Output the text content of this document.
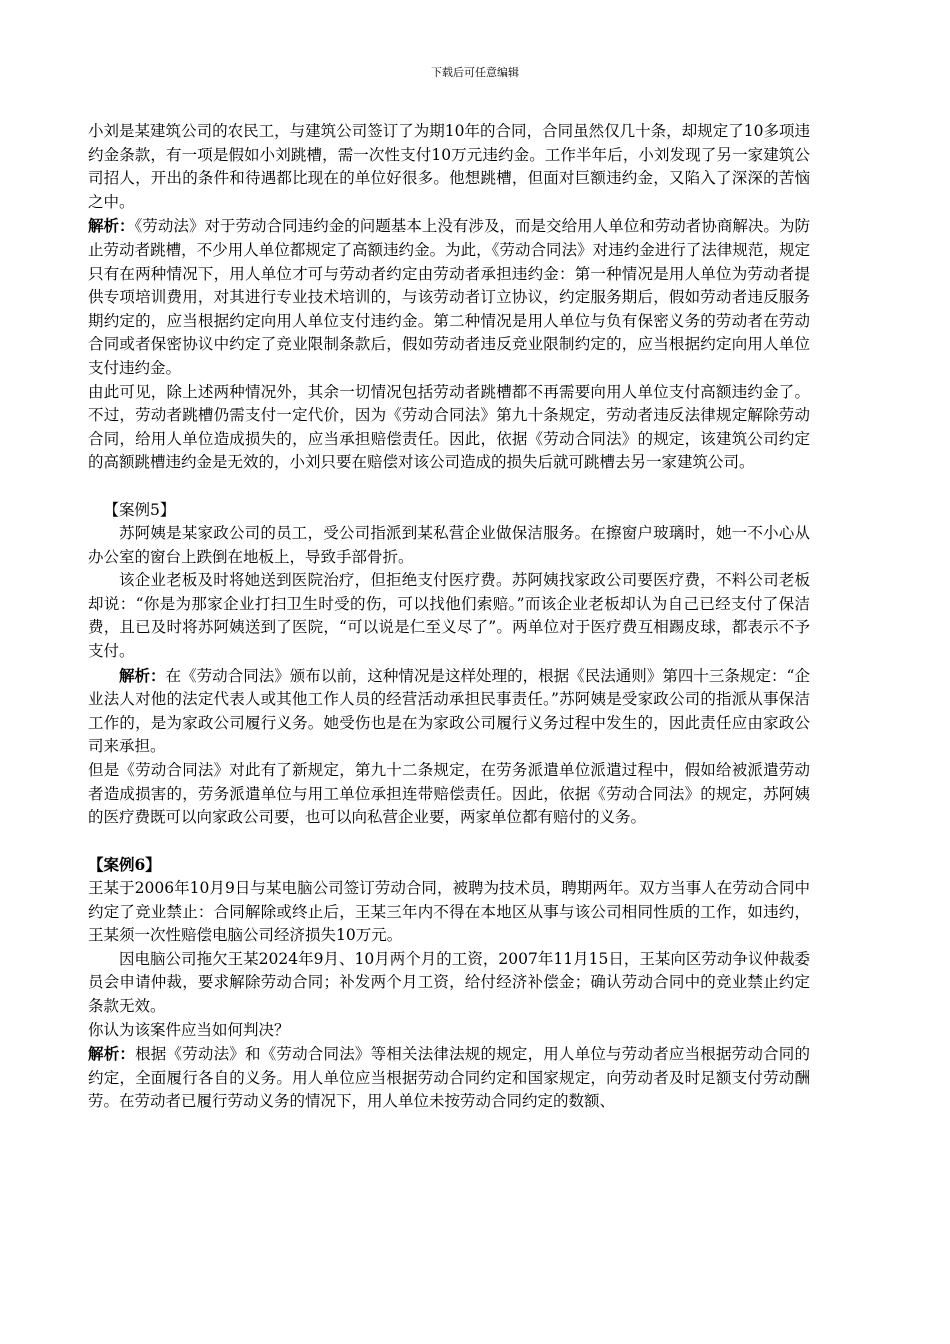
下载后可任意编辑

小刘是某建筑公司的农民工，与建筑公司签订了为期10年的合同，合同虽然仅几十条，却规定了10多项违约金条款，有一项是假如小刘跳槽，需一次性支付10万元违约金。工作半年后，小刘发现了另一家建筑公司招人，开出的条件和待遇都比现在的单位好很多。他想跳槽，但面对巨额违约金，又陷入了深深的苦恼之中。

解析：《劳动法》对于劳动合同违约金的问题基本上没有涉及，而是交给用人单位和劳动者协商解决。为防止劳动者跳槽，不少用人单位都规定了高额违约金。为此，《劳动合同法》对违约金进行了法律规范，规定只有在两种情况下，用人单位才可与劳动者约定由劳动者承担违约金：第一种情况是用人单位为劳动者提供专项培训费用，对其进行专业技术培训的，与该劳动者订立协议，约定服务期后，假如劳动者违反服务期约定的，应当根据约定向用人单位支付违约金。第二种情况是用人单位与负有保密义务的劳动者在劳动合同或者保密协议中约定了竞业限制条款后，假如劳动者违反竞业限制约定的，应当根据约定向用人单位支付违约金。

由此可见，除上述两种情况外，其余一切情况包括劳动者跳槽都不再需要向用人单位支付高额违约金了。不过，劳动者跳槽仍需支付一定代价，因为《劳动合同法》第九十条规定，劳动者违反法律规定解除劳动合同，给用人单位造成损失的，应当承担赔偿责任。因此，依据《劳动合同法》的规定，该建筑公司约定的高额跳槽违约金是无效的，小刘只要在赔偿对该公司造成的损失后就可跳槽去另一家建筑公司。

【案例5】

苏阿姨是某家政公司的员工，受公司指派到某私营企业做保洁服务。在擦窗户玻璃时，她一不小心从办公室的窗台上跌倒在地板上，导致手部骨折。

该企业老板及时将她送到医院治疗，但拒绝支付医疗费。苏阿姨找家政公司要医疗费，不料公司老板却说：“你是为那家企业打扫卫生时受的伤，可以找他们索赔。”而该企业老板却认为自己已经支付了保洁费，且已及时将苏阿姨送到了医院，“可以说是仁至义尽了”。两单位对于医疗费互相踢皮球，都表示不予支付。

解析：在《劳动合同法》颁布以前，这种情况是这样处理的，根据《民法通则》第四十三条规定：“企业法人对他的法定代表人或其他工作人员的经营活动承担民事责任。”苏阿姨是受家政公司的指派从事保洁工作的，是为家政公司履行义务。她受伤也是在为家政公司履行义务过程中发生的，因此责任应由家政公司来承担。

但是《劳动合同法》对此有了新规定，第九十二条规定，在劳务派遣单位派遣过程中，假如给被派遣劳动者造成损害的，劳务派遣单位与用工单位承担连带赔偿责任。因此，依据《劳动合同法》的规定，苏阿姨的医疗费既可以向家政公司要，也可以向私营企业要，两家单位都有赔付的义务。

【案例6】

王某于2006年10月9日与某电脑公司签订劳动合同，被聘为技术员，聘期两年。双方当事人在劳动合同中约定了竞业禁止：合同解除或终止后，王某三年内不得在本地区从事与该公司相同性质的工作，如违约，王某须一次性赔偿电脑公司经济损失10万元。

因电脑公司拖欠王某2024年9月、10月两个月的工资，2007年11月15日，王某向区劳动争议仲裁委员会申请仲裁，要求解除劳动合同；补发两个月工资，给付经济补偿金；确认劳动合同中的竞业禁止约定条款无效。

你认为该案件应当如何判决？

解析：根据《劳动法》和《劳动合同法》等相关法律法规的规定，用人单位与劳动者应当根据劳动合同的约定，全面履行各自的义务。用人单位应当根据劳动合同约定和国家规定，向劳动者及时足额支付劳动酬劳。在劳动者已履行劳动义务的情况下，用人单位未按劳动合同约定的数额、
